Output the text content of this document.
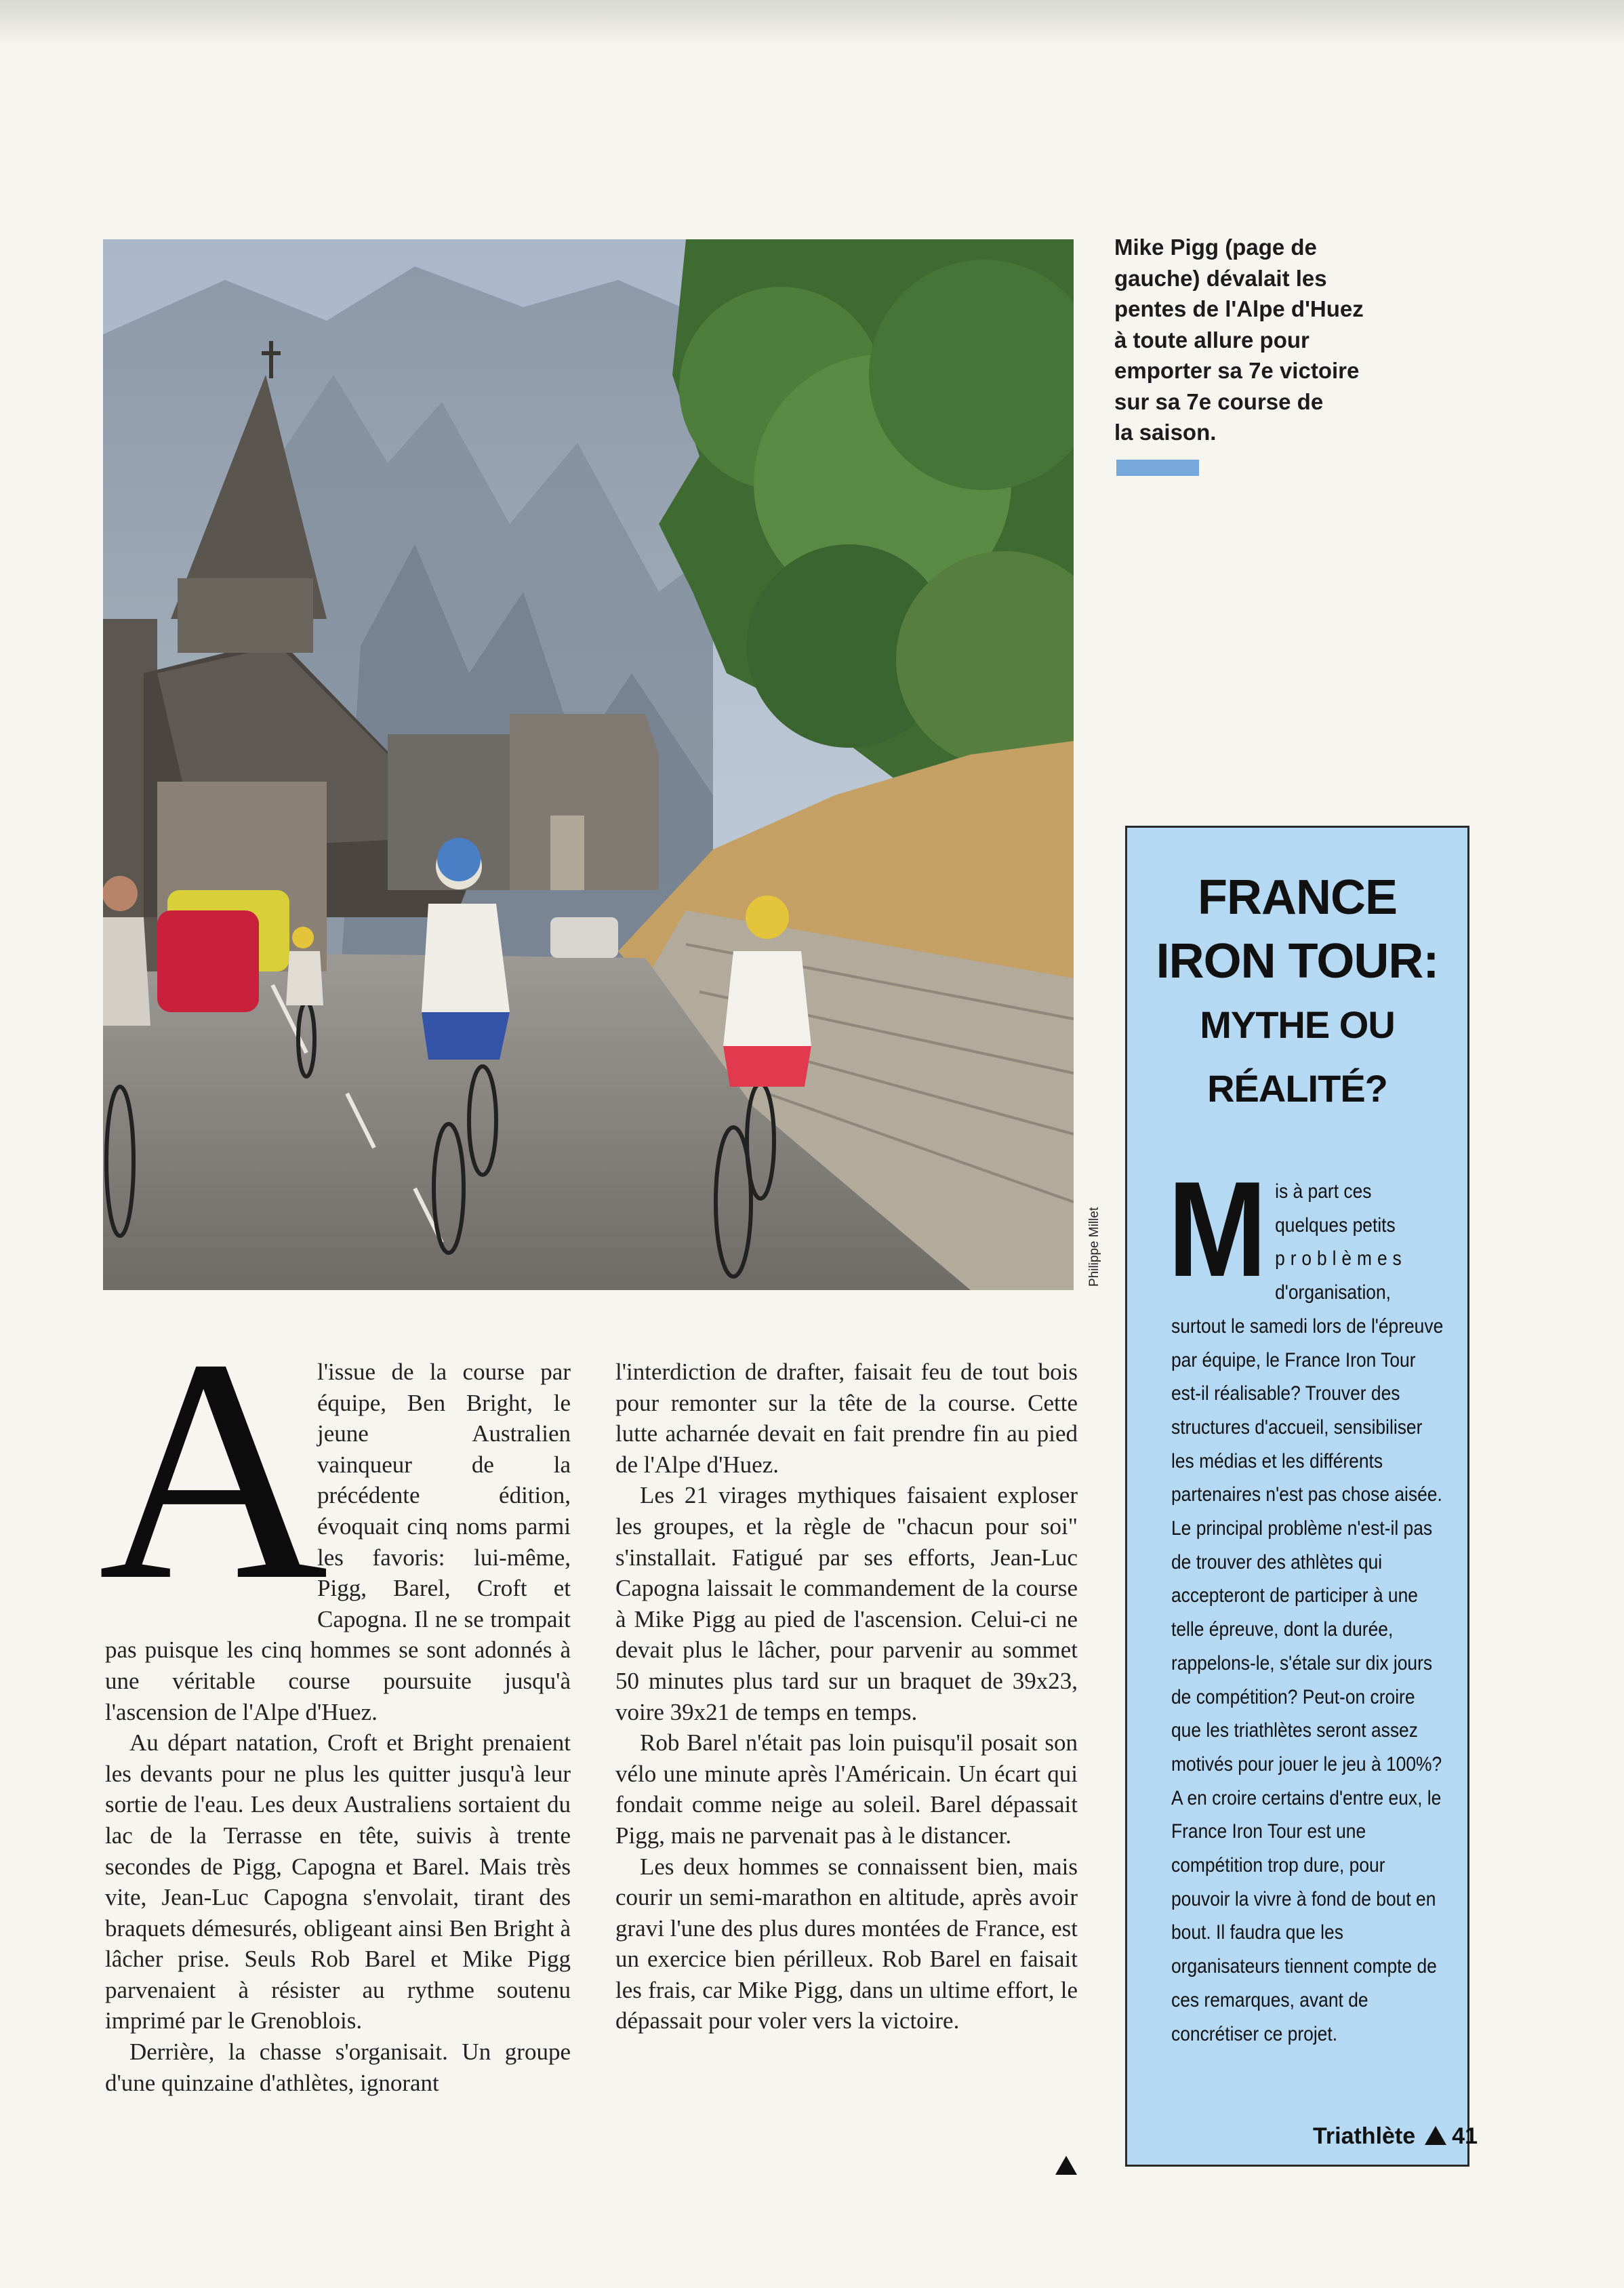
Philippe Millet
Mike Pigg (page de
gauche) dévalait les
pentes de l'Alpe d'Huez
à toute allure pour
emporter sa 7e victoire
sur sa 7e course de
la saison.

A
l'issue de la course par équipe, Ben Bright, le jeune Australien vainqueur de la précédente édition, évoquait cinq noms parmi les favoris: lui-même, Pigg, Barel, Croft et Capogna. Il ne se trompait pas puisque les cinq hommes se sont adonnés à une véritable course poursuite jusqu'à l'ascension de l'Alpe d'Huez.

Au départ natation, Croft et Bright prenaient les devants pour ne plus les quitter jusqu'à leur sortie de l'eau. Les deux Australiens sortaient du lac de la Terrasse en tête, suivis à trente secondes de Pigg, Capogna et Barel. Mais très vite, Jean-Luc Capogna s'envolait, tirant des braquets démesurés, obligeant ainsi Ben Bright à lâcher prise. Seuls Rob Barel et Mike Pigg parvenaient à résister au rythme soutenu imprimé par le Grenoblois.

Derrière, la chasse s'organisait. Un groupe d'une quinzaine d'athlètes, ignorant

l'interdiction de drafter, faisait feu de tout bois pour remonter sur la tête de la course. Cette lutte acharnée devait en fait prendre fin au pied de l'Alpe d'Huez.

Les 21 virages mythiques faisaient exploser les groupes, et la règle de "chacun pour soi" s'installait. Fatigué par ses efforts, Jean-Luc Capogna laissait le commandement de la course à Mike Pigg au pied de l'ascension. Celui-ci ne devait plus le lâcher, pour parvenir au sommet 50 minutes plus tard sur un braquet de 39x23, voire 39x21 de temps en temps.

Rob Barel n'était pas loin puisqu'il posait son vélo une minute après l'Américain. Un écart qui fondait comme neige au soleil. Barel dépassait Pigg, mais ne parvenait pas à le distancer.

Les deux hommes se connaissent bien, mais courir un semi-marathon en altitude, après avoir gravi l'une des plus dures montées de France, est un exercice bien périlleux. Rob Barel en faisait les frais, car Mike Pigg, dans un ultime effort, le dépassait pour voler vers la victoire.

FRANCE
IRON TOUR:
MYTHE OU
RÉALITÉ?

Mis à part ces quelques petits problèmes d'organisation, surtout le samedi lors de l'épreuve par équipe, le France Iron Tour est-il réalisable? Trouver des structures d'accueil, sensibiliser les médias et les différents partenaires n'est pas chose aisée.

Le principal problème n'est-il pas de trouver des athlètes qui accepteront de participer à une telle épreuve, dont la durée, rappelons-le, s'étale sur dix jours de compétition? Peut-on croire que les triathlètes seront assez motivés pour jouer le jeu à 100%? A en croire certains d'entre eux, le France Iron Tour est une compétition trop dure, pour pouvoir la vivre à fond de bout en bout. Il faudra que les organisateurs tiennent compte de ces remarques, avant de concrétiser ce projet.

Triathlète 41
